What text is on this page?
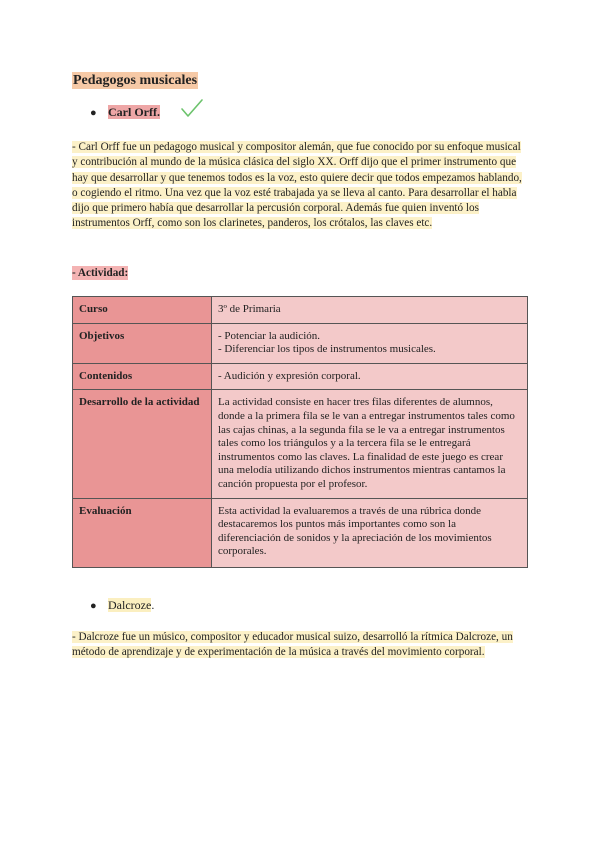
Pedagogos musicales
● Carl Orff.
- Carl Orff fue un pedagogo musical y compositor alemán, que fue conocido por su enfoque musical y contribución al mundo de la música clásica del siglo XX. Orff dijo que el primer instrumento que hay que desarrollar y que tenemos todos es la voz, esto quiere decir que todos empezamos hablando, o cogiendo el ritmo. Una vez que la voz esté trabajada ya se lleva al canto. Para desarrollar el habla dijo que primero había que desarrollar la percusión corporal. Además fue quien inventó los instrumentos Orff, como son los clarinetes, panderos, los crótalos, las claves etc.
- Actividad:
Curso	3º de Primaria
Objetivos	- Potenciar la audición.
- Diferenciar los tipos de instrumentos musicales.

Contenidos	- Audición y expresión corporal.
Desarrollo de la actividad	La actividad consiste en hacer tres filas diferentes de alumnos, donde a la primera fila se le van a entregar instrumentos tales como las cajas chinas, a la segunda fila se le va a entregar instrumentos tales como los triángulos y a la tercera fila se le entregará instrumentos como las claves. La finalidad de este juego es crear una melodía utilizando dichos instrumentos mientras cantamos la canción propuesta por el profesor.
Evaluación	Esta actividad la evaluaremos a través de una rúbrica donde destacaremos los puntos más importantes como son la diferenciación de sonidos y la apreciación de los movimientos corporales.
● Dalcroze.
- Dalcroze fue un músico, compositor y educador musical suizo, desarrolló la rítmica Dalcroze, un método de aprendizaje y de experimentación de la música a través del movimiento corporal.
